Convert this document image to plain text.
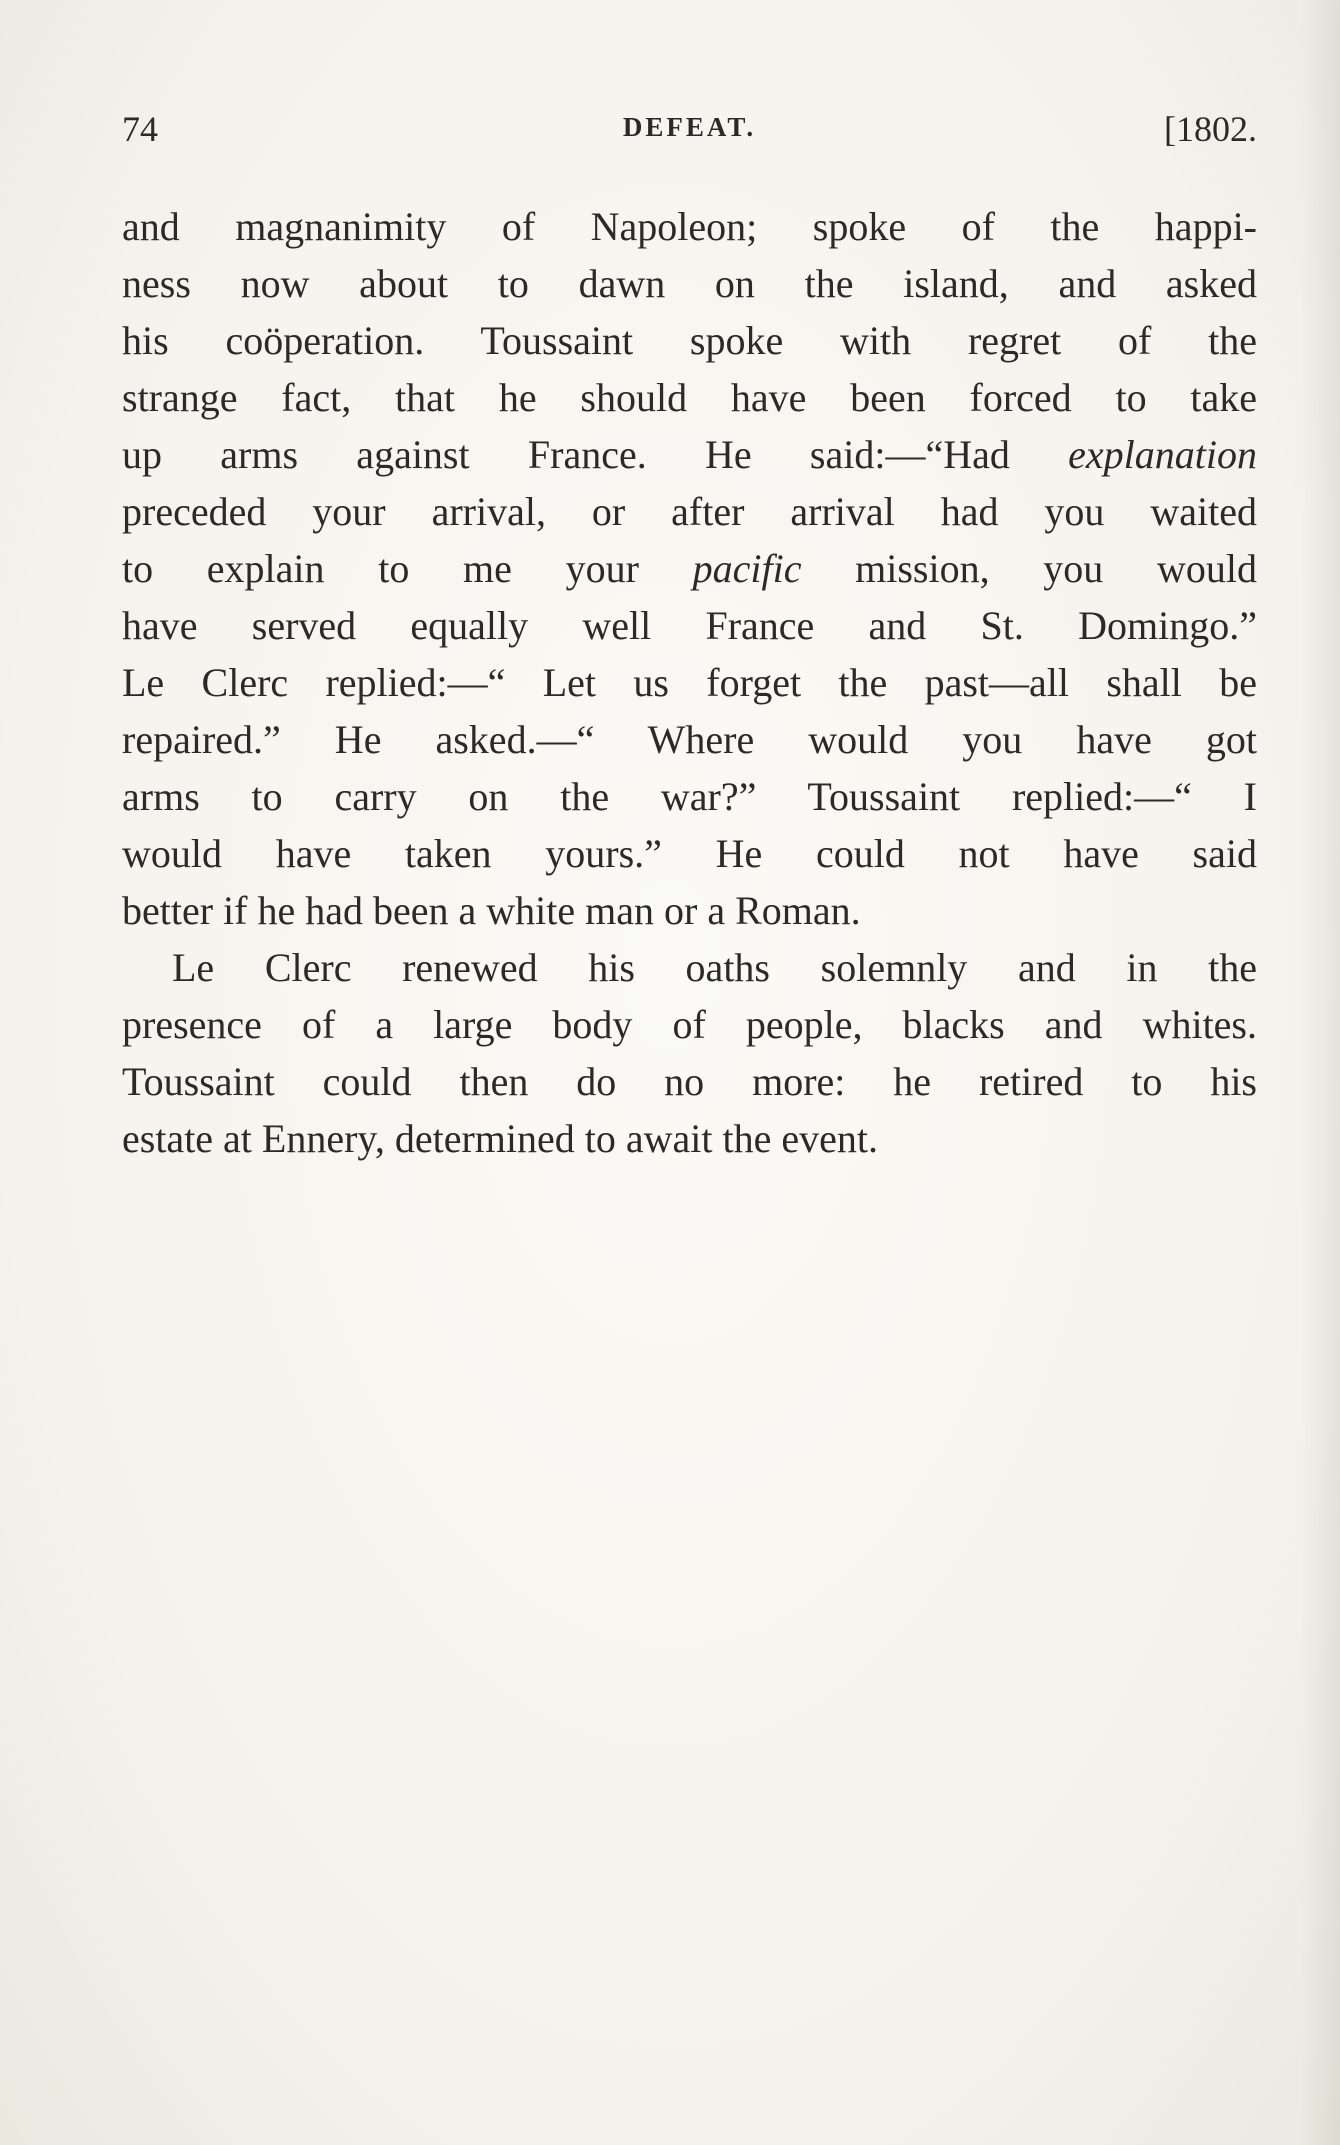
74	DEFEAT.	[1802.
and magnanimity of Napoleon; spoke of the happi-
ness now about to dawn on the island, and asked
his coöperation. Toussaint spoke with regret of the
strange fact, that he should have been forced to take
up arms against France. He said:—“Had explanation
preceded your arrival, or after arrival had you waited
to explain to me your pacific mission, you would
have served equally well France and St. Domingo.”
Le Clerc replied:—“ Let us forget the past—all shall be
repaired.” He asked.—“ Where would you have got
arms to carry on the war?” Toussaint replied:—“ I
would have taken yours.” He could not have said
better if he had been a white man or a Roman.
Le Clerc renewed his oaths solemnly and in the
presence of a large body of people, blacks and whites.
Toussaint could then do no more: he retired to his
estate at Ennery, determined to await the event.
